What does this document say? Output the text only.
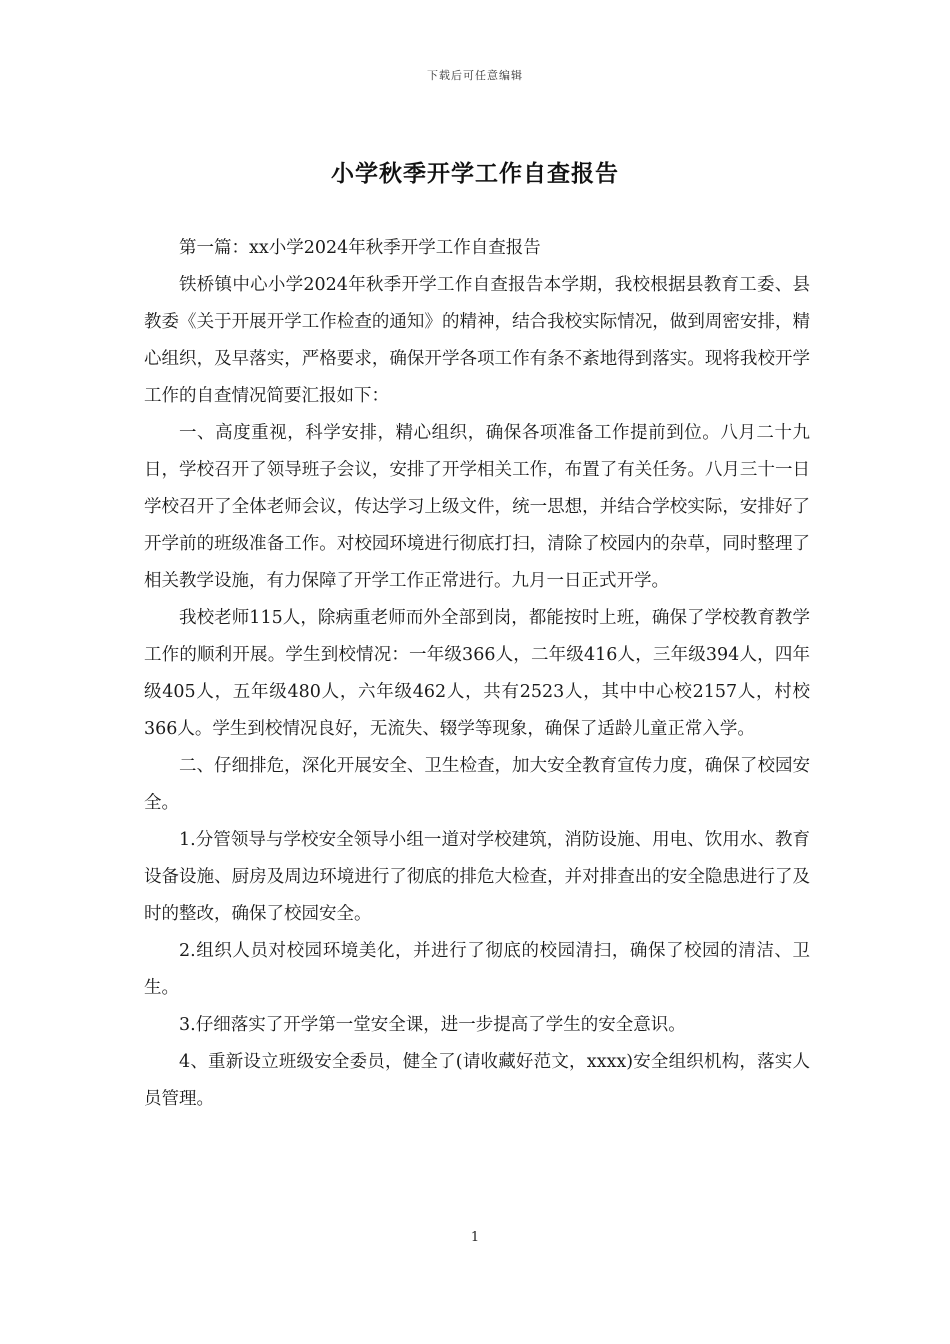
下载后可任意编辑
小学秋季开学工作自查报告

第一篇：xx小学2024年秋季开学工作自查报告

铁桥镇中心小学2024年秋季开学工作自查报告本学期，我校根据县教育工委、县教委《关于开展开学工作检查的通知》的精神，结合我校实际情况，做到周密安排，精心组织，及早落实，严格要求，确保开学各项工作有条不紊地得到落实。现将我校开学工作的自查情况简要汇报如下：

一、高度重视，科学安排，精心组织，确保各项准备工作提前到位。八月二十九日，学校召开了领导班子会议，安排了开学相关工作，布置了有关任务。八月三十一日学校召开了全体老师会议，传达学习上级文件，统一思想，并结合学校实际，安排好了开学前的班级准备工作。对校园环境进行彻底打扫，清除了校园内的杂草，同时整理了相关教学设施，有力保障了开学工作正常进行。九月一日正式开学。

我校老师115人，除病重老师而外全部到岗，都能按时上班，确保了学校教育教学工作的顺利开展。学生到校情况：一年级366人，二年级416人，三年级394人，四年级405人，五年级480人，六年级462人，共有2523人，其中中心校2157人，村校366人。学生到校情况良好，无流失、辍学等现象，确保了适龄儿童正常入学。

二、仔细排危，深化开展安全、卫生检查，加大安全教育宣传力度，确保了校园安全。

1.分管领导与学校安全领导小组一道对学校建筑，消防设施、用电、饮用水、教育设备设施、厨房及周边环境进行了彻底的排危大检查，并对排查出的安全隐患进行了及时的整改，确保了校园安全。

2.组织人员对校园环境美化，并进行了彻底的校园清扫，确保了校园的清洁、卫生。

3.仔细落实了开学第一堂安全课，进一步提高了学生的安全意识。

4、重新设立班级安全委员，健全了(请收藏好范文，xxxx)安全组织机构，落实人员管理。

1
